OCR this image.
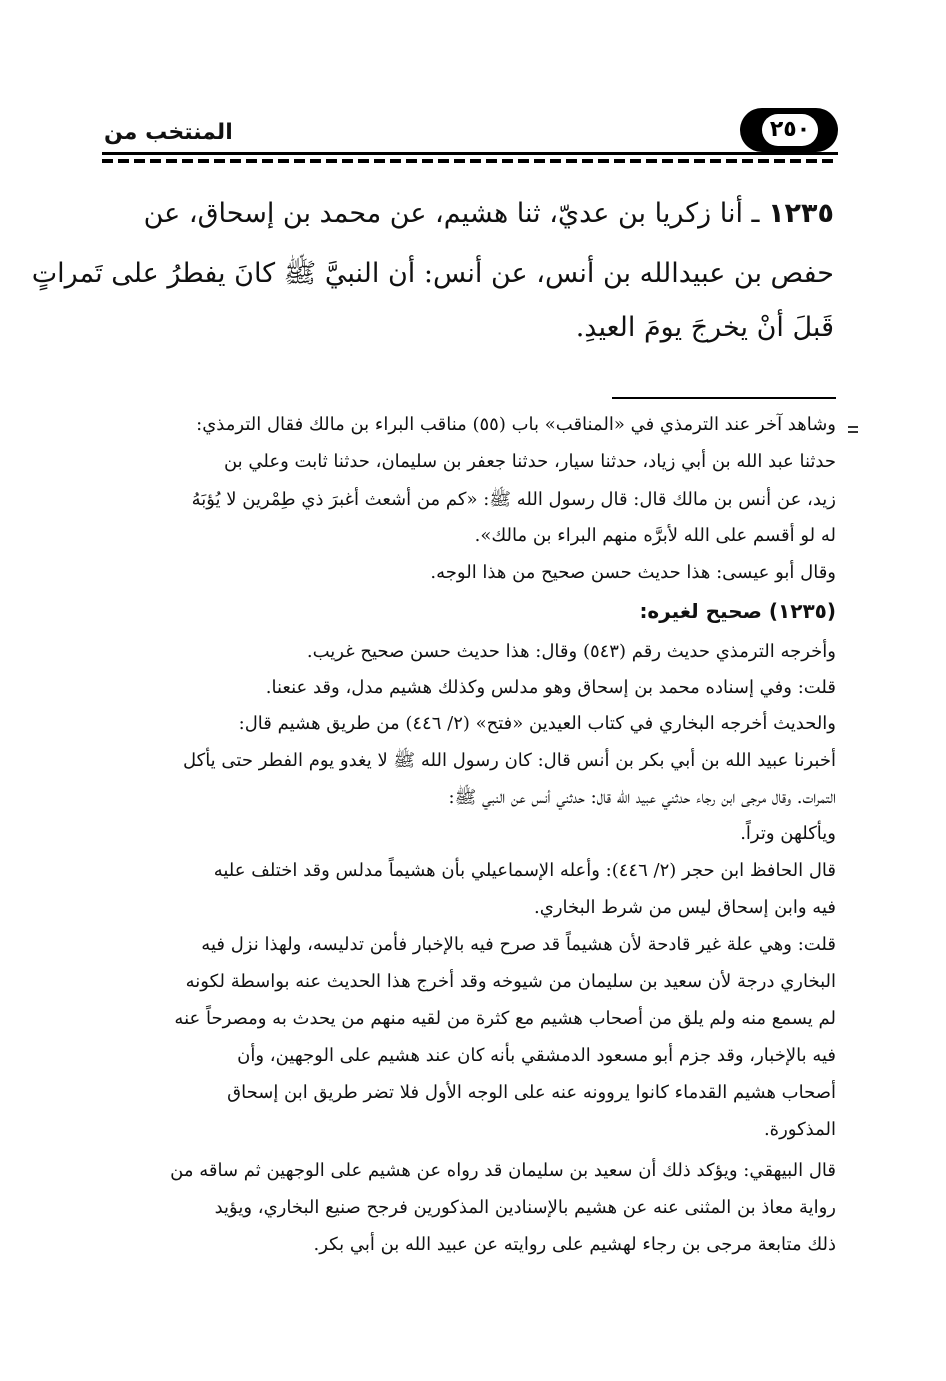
المنتخب من	٢٥٠
١٢٣٥ ـ أنا زكريا بن عديّ، ثنا هشيم، عن محمد بن إسحاق، عن
حفص بن عبيدالله بن أنس، عن أنس: أن النبيَّ ﷺ كانَ يفطرُ على تَمراتٍ
قَبلَ أنْ يخرجَ يومَ العيدِ.
وشاهد آخر عند الترمذي في «المناقب» باب (٥٥) مناقب البراء بن مالك فقال الترمذي:
حدثنا عبد الله بن أبي زياد، حدثنا سيار، حدثنا جعفر بن سليمان، حدثنا ثابت وعلي بن
زيد، عن أنس بن مالك قال: قال رسول الله ﷺ: «كم من أشعث أغبرَ ذي طِمْرين لا يُؤبَهُ
له لو أقسم على الله لأبرَّه منهم البراء بن مالك».
وقال أبو عيسى: هذا حديث حسن صحيح من هذا الوجه.
(١٢٣٥) صحيح لغيره:
وأخرجه الترمذي حديث رقم (٥٤٣) وقال: هذا حديث حسن صحيح غريب.
قلت: وفي إسناده محمد بن إسحاق وهو مدلس وكذلك هشيم مدل، وقد عنعنا.
والحديث أخرجه البخاري في كتاب العيدين «فتح» (٢/ ٤٤٦) من طريق هشيم قال:
أخبرنا عبيد الله بن أبي بكر بن أنس قال: كان رسول الله ﷺ لا يغدو يوم الفطر حتى يأكل
التمرات. وقال مرجى ابن رجاء حدثني عبيد الله قال: حدثني أنس عن النبي ﷺ:
ويأكلهن وتراً.
قال الحافظ ابن حجر (٢/ ٤٤٦): وأعله الإسماعيلي بأن هشيماً مدلس وقد اختلف عليه
فيه وابن إسحاق ليس من شرط البخاري.
قلت: وهي علة غير قادحة لأن هشيماً قد صرح فيه بالإخبار فأمن تدليسه، ولهذا نزل فيه
البخاري درجة لأن سعيد بن سليمان من شيوخه وقد أخرج هذا الحديث عنه بواسطة لكونه
لم يسمع منه ولم يلق من أصحاب هشيم مع كثرة من لقيه منهم من يحدث به ومصرحاً عنه
فيه بالإخبار، وقد جزم أبو مسعود الدمشقي بأنه كان عند هشيم على الوجهين، وأن
أصحاب هشيم القدماء كانوا يروونه عنه على الوجه الأول فلا تضر طريق ابن إسحاق
المذكورة.
قال البيهقي: ويؤكد ذلك أن سعيد بن سليمان قد رواه عن هشيم على الوجهين ثم ساقه من
رواية معاذ بن المثنى عنه عن هشيم بالإسنادين المذكورين فرجح صنيع البخاري، ويؤيد
ذلك متابعة مرجى بن رجاء لهشيم على روايته عن عبيد الله بن أبي بكر.
